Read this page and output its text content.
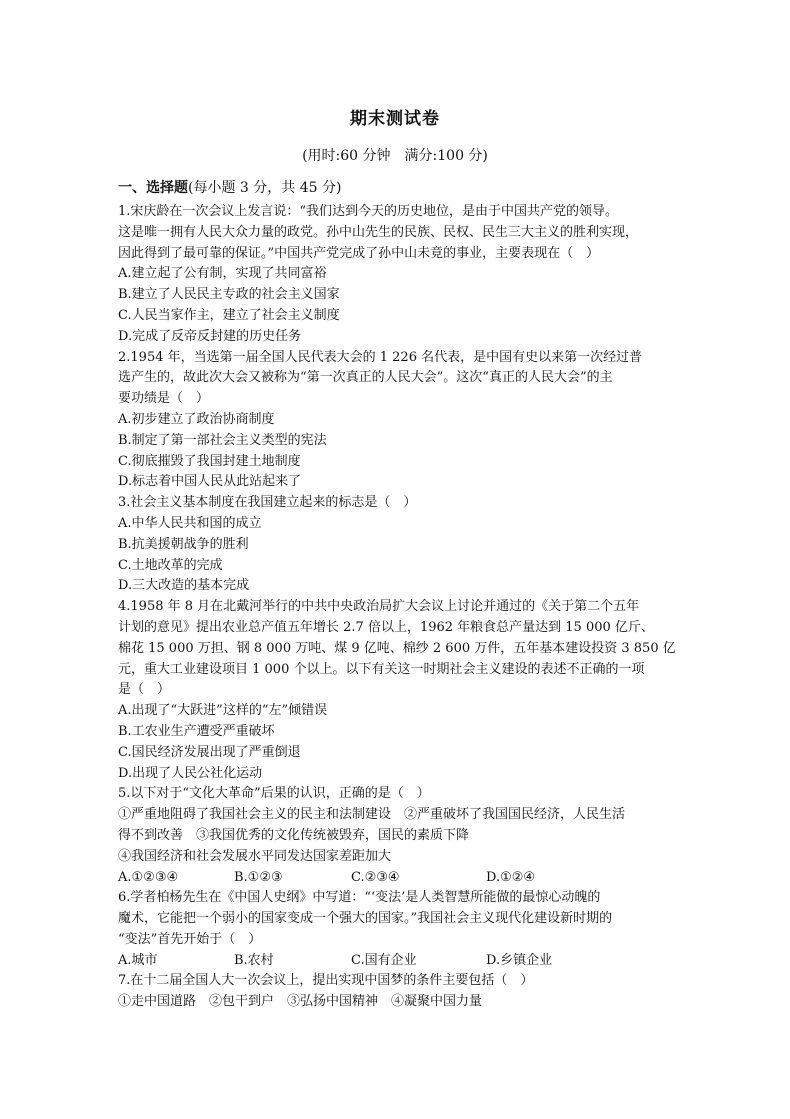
期末测试卷

(用时:60 分钟　满分:100 分)

一、选择题(每小题 3 分，共 45 分)

1.宋庆龄在一次会议上发言说：“我们达到今天的历史地位，是由于中国共产党的领导。
这是唯一拥有人民大众力量的政党。孙中山先生的民族、民权、民生三大主义的胜利实现，
因此得到了最可靠的保证。”中国共产党完成了孙中山未竟的事业，主要表现在（　）
A.建立起了公有制，实现了共同富裕
B.建立了人民民主专政的社会主义国家
C.人民当家作主，建立了社会主义制度
D.完成了反帝反封建的历史任务
2.1954 年，当选第一届全国人民代表大会的 1 226 名代表，是中国有史以来第一次经过普
选产生的，故此次大会又被称为“第一次真正的人民大会”。这次“真正的人民大会”的主
要功绩是（　）
A.初步建立了政治协商制度
B.制定了第一部社会主义类型的宪法
C.彻底摧毁了我国封建土地制度
D.标志着中国人民从此站起来了
3.社会主义基本制度在我国建立起来的标志是（　）
A.中华人民共和国的成立
B.抗美援朝战争的胜利
C.土地改革的完成
D.三大改造的基本完成
4.1958 年 8 月在北戴河举行的中共中央政治局扩大会议上讨论并通过的《关于第二个五年
计划的意见》提出农业总产值五年增长 2.7 倍以上，1962 年粮食总产量达到 15 000 亿斤、
棉花 15 000 万担、钢 8 000 万吨、煤 9 亿吨、棉纱 2 600 万件，五年基本建设投资 3 850 亿
元，重大工业建设项目 1 000 个以上。以下有关这一时期社会主义建设的表述不正确的一项
是（　）
A.出现了“大跃进”这样的“左”倾错误
B.工农业生产遭受严重破坏
C.国民经济发展出现了严重倒退
D.出现了人民公社化运动
5.以下对于“文化大革命”后果的认识，正确的是（　）
①严重地阻碍了我国社会主义的民主和法制建设　②严重破坏了我国国民经济，人民生活
得不到改善　③我国优秀的文化传统被毁弃，国民的素质下降
④我国经济和社会发展水平同发达国家差距加大
A.①②③④	B.①②③	C.②③④	D.①②④
6.学者柏杨先生在《中国人史纲》中写道：“‘变法’是人类智慧所能做的最惊心动魄的
魔术，它能把一个弱小的国家变成一个强大的国家。”我国社会主义现代化建设新时期的
“变法”首先开始于（　）
A.城市	B.农村	C.国有企业	D.乡镇企业
7.在十二届全国人大一次会议上，提出实现中国梦的条件主要包括（　）
①走中国道路　②包干到户　③弘扬中国精神　④凝聚中国力量
